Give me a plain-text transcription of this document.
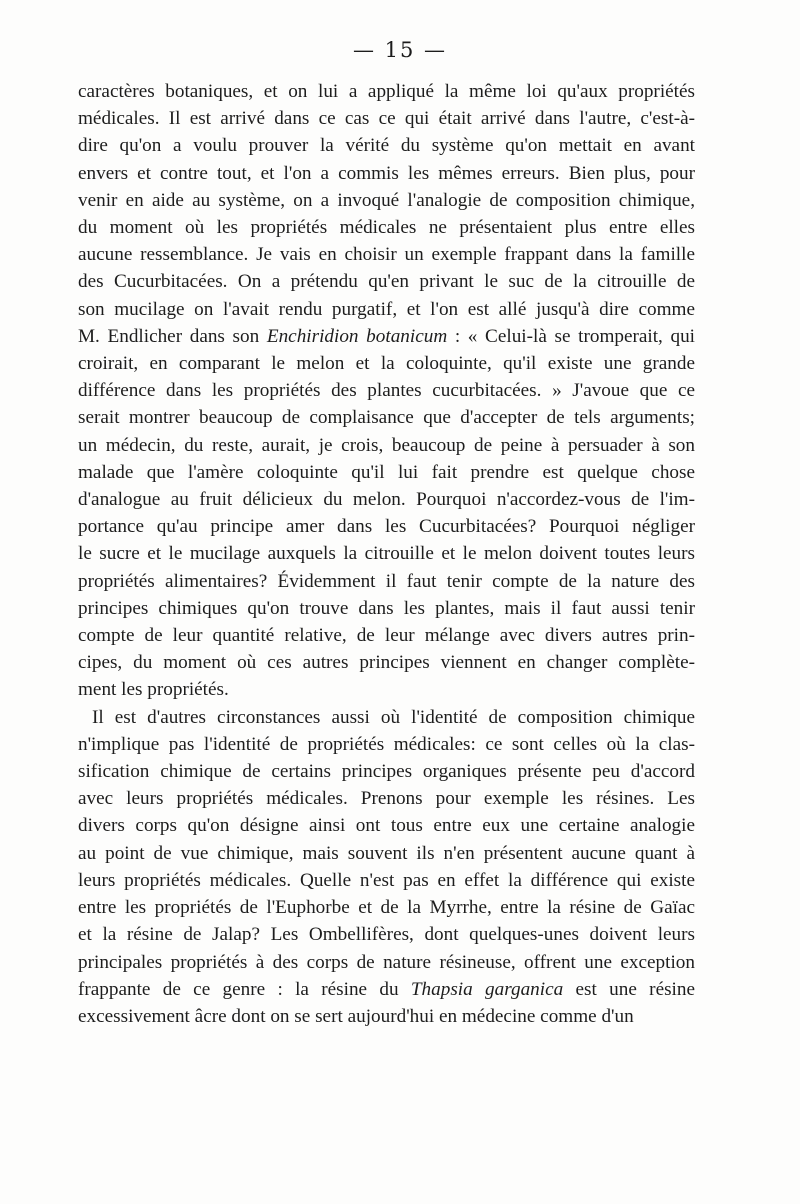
— 15 —
caractères botaniques, et on lui a appliqué la même loi qu'aux propriétés
médicales. Il est arrivé dans ce cas ce qui était arrivé dans l'autre, c'est-à-
dire qu'on a voulu prouver la vérité du système qu'on mettait en avant
envers et contre tout, et l'on a commis les mêmes erreurs. Bien plus, pour
venir en aide au système, on a invoqué l'analogie de composition chimique,
du moment où les propriétés médicales ne présentaient plus entre elles
aucune ressemblance. Je vais en choisir un exemple frappant dans la famille
des Cucurbitacées. On a prétendu qu'en privant le suc de la citrouille de
son mucilage on l'avait rendu purgatif, et l'on est allé jusqu'à dire comme
M. Endlicher dans son Enchiridion botanicum : « Celui-là se tromperait, qui
croirait, en comparant le melon et la coloquinte, qu'il existe une grande
différence dans les propriétés des plantes cucurbitacées. » J'avoue que ce
serait montrer beaucoup de complaisance que d'accepter de tels arguments;
un médecin, du reste, aurait, je crois, beaucoup de peine à persuader à son
malade que l'amère coloquinte qu'il lui fait prendre est quelque chose
d'analogue au fruit délicieux du melon. Pourquoi n'accordez-vous de l'im-
portance qu'au principe amer dans les Cucurbitacées? Pourquoi négliger
le sucre et le mucilage auxquels la citrouille et le melon doivent toutes leurs
propriétés alimentaires? Évidemment il faut tenir compte de la nature des
principes chimiques qu'on trouve dans les plantes, mais il faut aussi tenir
compte de leur quantité relative, de leur mélange avec divers autres prin-
cipes, du moment où ces autres principes viennent en changer complète-
ment les propriétés.
Il est d'autres circonstances aussi où l'identité de composition chimique
n'implique pas l'identité de propriétés médicales: ce sont celles où la clas-
sification chimique de certains principes organiques présente peu d'accord
avec leurs propriétés médicales. Prenons pour exemple les résines. Les
divers corps qu'on désigne ainsi ont tous entre eux une certaine analogie
au point de vue chimique, mais souvent ils n'en présentent aucune quant à
leurs propriétés médicales. Quelle n'est pas en effet la différence qui existe
entre les propriétés de l'Euphorbe et de la Myrrhe, entre la résine de Gaïac
et la résine de Jalap? Les Ombellifères, dont quelques-unes doivent leurs
principales propriétés à des corps de nature résineuse, offrent une exception
frappante de ce genre : la résine du Thapsia garganica est une résine
excessivement âcre dont on se sert aujourd'hui en médecine comme d'un
